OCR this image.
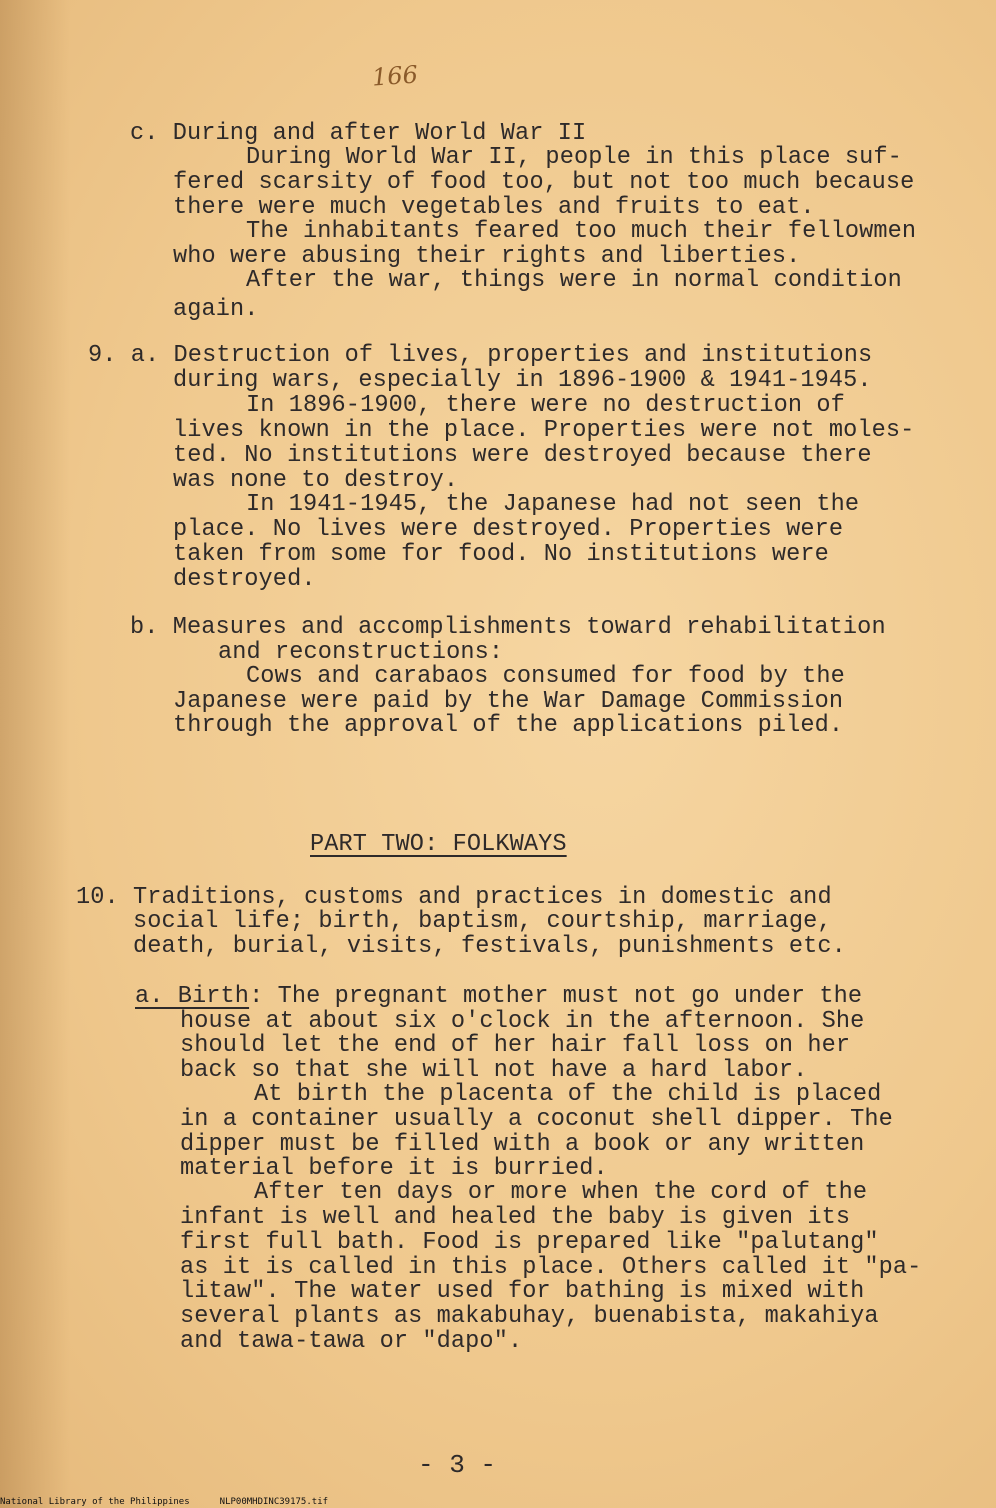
166

c. During and after World War II

During World War II, people in this place suf-

fered scarsity of food too, but not too much because

there were much vegetables and fruits to eat.

The inhabitants feared too much their fellowmen

who were abusing their rights and liberties.

After the war, things were in normal condition

again.

9. a. Destruction of lives, properties and institutions

during wars, especially in 1896-1900 & 1941-1945.

In 1896-1900, there were no destruction of

lives known in the place. Properties were not moles-

ted. No institutions were destroyed because there

was none to destroy.

In 1941-1945, the Japanese had not seen the

place. No lives were destroyed. Properties were

taken from some for food. No institutions were

destroyed.

b. Measures and accomplishments toward rehabilitation

and reconstructions:

Cows and carabaos consumed for food by the

Japanese were paid by the War Damage Commission

through the approval of the applications piled.

PART TWO: FOLKWAYS

10. Traditions, customs and practices in domestic and

social life; birth, baptism, courtship, marriage,

death, burial, visits, festivals, punishments etc.

a. Birth: The pregnant mother must not go under the

house at about six o'clock in the afternoon. She

should let the end of her hair fall loss on her

back so that she will not have a hard labor.

At birth the placenta of the child is placed

in a container usually a coconut shell dipper. The

dipper must be filled with a book or any written

material before it is burried.

After ten days or more when the cord of the

infant is well and healed the baby is given its

first full bath. Food is prepared like "palutang"

as it is called in this place. Others called it "pa-

litaw". The water used for bathing is mixed with

several plants as makabuhay, buenabista, makahiya

and tawa-tawa or "dapo".

- 3 -

National Library of the Philippines	NLP00MHDINC39175.tif
